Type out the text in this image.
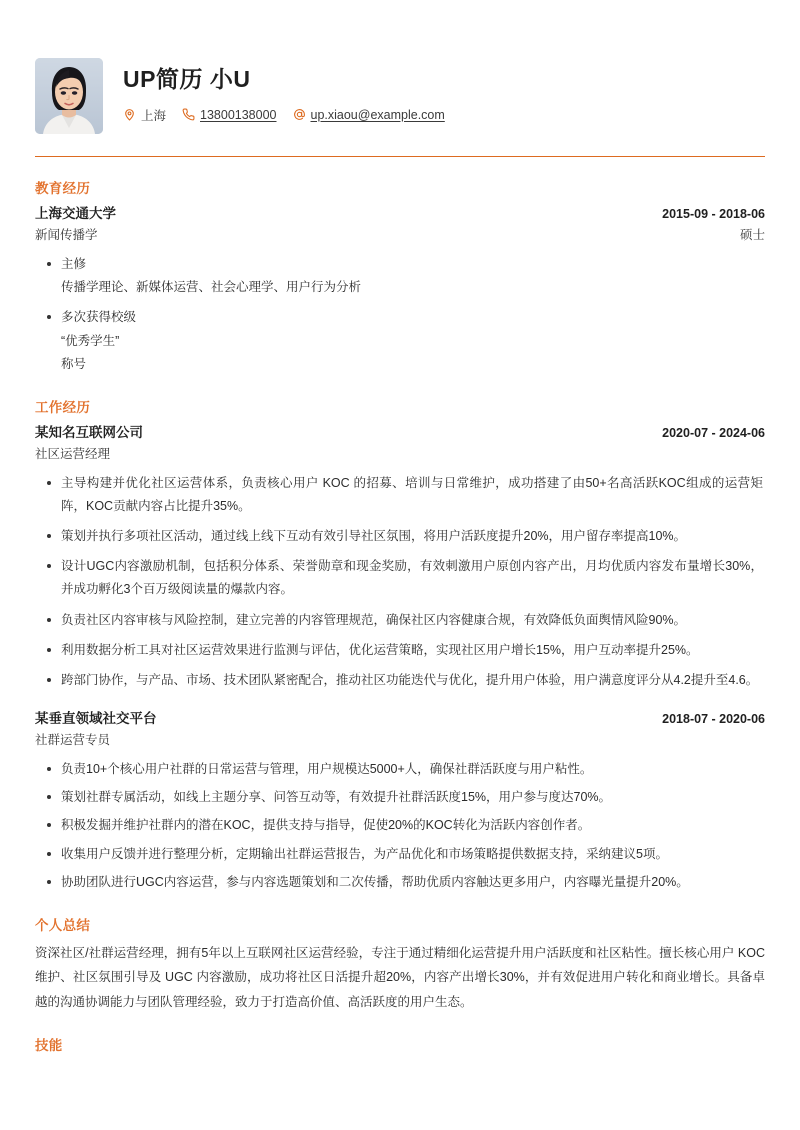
UP简历 小U
上海	13800138000	up.xiaou@example.com
教育经历
上海交通大学	2015-09 - 2018-06
新闻传播学	硕士
主修
传播学理论、新媒体运营、社会心理学、用户行为分析
多次获得校级
“优秀学生”
称号
工作经历
某知名互联网公司	2020-07 - 2024-06
社区运营经理
主导构建并优化社区运营体系，负责核心用户 KOC 的招募、培训与日常维护，成功搭建了由50+名高活跃KOC组成的运营矩阵，KOC贡献内容占比提升35%。
策划并执行多项社区活动，通过线上线下互动有效引导社区氛围，将用户活跃度提升20%，用户留存率提高10%。
设计UGC内容激励机制，包括积分体系、荣誉勋章和现金奖励，有效刺激用户原创内容产出，月均优质内容发布量增长30%，并成功孵化3个百万级阅读量的爆款内容。
负责社区内容审核与风险控制，建立完善的内容管理规范，确保社区内容健康合规，有效降低负面舆情风险90%。
利用数据分析工具对社区运营效果进行监测与评估，优化运营策略，实现社区用户增长15%，用户互动率提升25%。
跨部门协作，与产品、市场、技术团队紧密配合，推动社区功能迭代与优化，提升用户体验，用户满意度评分从4.2提升至4.6。
某垂直领域社交平台	2018-07 - 2020-06
社群运营专员
负责10+个核心用户社群的日常运营与管理，用户规模达5000+人，确保社群活跃度与用户粘性。
策划社群专属活动，如线上主题分享、问答互动等，有效提升社群活跃度15%，用户参与度达70%。
积极发掘并维护社群内的潜在KOC，提供支持与指导，促使20%的KOC转化为活跃内容创作者。
收集用户反馈并进行整理分析，定期输出社群运营报告，为产品优化和市场策略提供数据支持，采纳建议5项。
协助团队进行UGC内容运营，参与内容选题策划和二次传播，帮助优质内容触达更多用户，内容曝光量提升20%。
个人总结
资深社区/社群运营经理，拥有5年以上互联网社区运营经验，专注于通过精细化运营提升用户活跃度和社区粘性。擅长核心用户 KOC 维护、社区氛围引导及 UGC 内容激励，成功将社区日活提升超20%，内容产出增长30%，并有效促进用户转化和商业增长。具备卓越的沟通协调能力与团队管理经验，致力于打造高价值、高活跃度的用户生态。
技能
